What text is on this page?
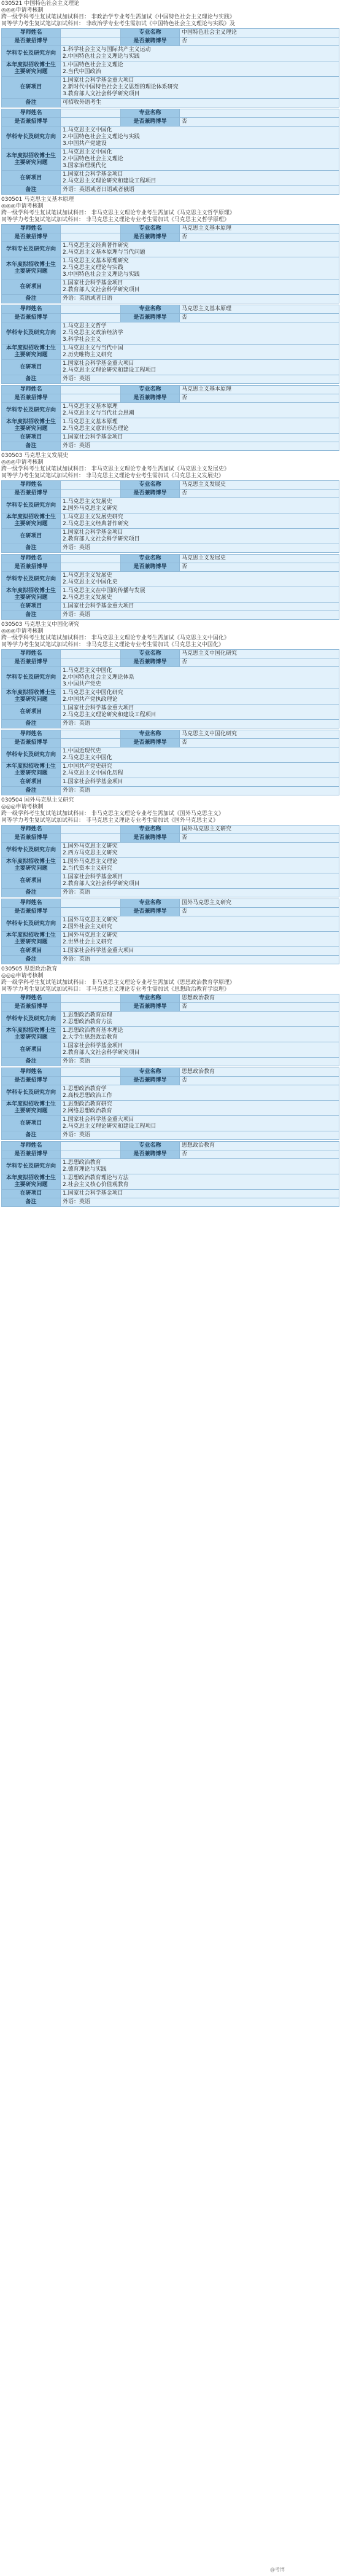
030521 中国特色社会主义理论
◎◎◎申请考核制
跨一级学科考生复试笔试加试科目： 非政治学专业考生需加试《中国特色社会主义理论与实践》
同等学力考生复试笔试加试科目： 非政治学专业考生需加试《中国特色社会主义理论与实践》及
导师姓名		专业名称	中国特色社会主义理论
是否兼招博导		是否兼聘博导	否
学科专长及研究方向	1.科学社会主义与国际共产主义运动
2.中国特色社会主义理论与实践		

本年度拟招收博士生主要研究问题	1.中国特色社会主义理论
2.当代中国政治		

在研项目	1.国家社会科学基金重大项目
2.新时代中国特色社会主义思想的理论体系研究
3.教育部人文社会科学研究项目		

备注	可招收外语考生		
导师姓名		专业名称	
是否兼招博导		是否兼聘博导	否
学科专长及研究方向	1.马克思主义中国化
2.中国特色社会主义理论与实践
3.中国共产党建设		

本年度拟招收博士生主要研究问题	1.马克思主义中国化
2.中国特色社会主义理论
3.国家治理现代化		

在研项目	1.国家社会科学基金项目
2.马克思主义理论研究和建设工程项目		

备注	外语：英语或者日语或者俄语		
030501 马克思主义基本原理
◎◎◎申请考核制
跨一级学科考生复试笔试加试科目： 非马克思主义理论专业考生需加试《马克思主义哲学原理》
同等学力考生复试笔试加试科目： 非马克思主义理论专业考生需加试《马克思主义哲学原理》
导师姓名		专业名称	马克思主义基本原理
是否兼招博导		是否兼聘博导	否
学科专长及研究方向	1.马克思主义经典著作研究
2.马克思主义基本原理与当代问题		

本年度拟招收博士生主要研究问题	1.马克思主义基本原理研究
2.马克思主义理论与实践
3.中国特色社会主义理论与实践		

在研项目	1.国家社会科学基金项目
2.教育部人文社会科学研究项目		

备注	外语：英语或者日语		
导师姓名		专业名称	马克思主义基本原理
是否兼招博导		是否兼聘博导	否
学科专长及研究方向	1.马克思主义哲学
2.马克思主义政治经济学
3.科学社会主义		

本年度拟招收博士生主要研究问题	1.马克思主义与当代中国
2.历史唯物主义研究		

在研项目	1.国家社会科学基金重大项目
2.马克思主义理论研究和建设工程项目		

备注	外语：英语		
导师姓名		专业名称	马克思主义基本原理
是否兼招博导		是否兼聘博导	否
学科专长及研究方向	1.马克思主义基本原理
2.马克思主义与当代社会思潮		

本年度拟招收博士生主要研究问题	1.马克思主义基本原理
2.马克思主义意识形态理论		

在研项目	1.国家社会科学基金项目		

备注	外语：英语		
030503 马克思主义发展史
◎◎◎申请考核制
跨一级学科考生复试笔试加试科目： 非马克思主义理论专业考生需加试《马克思主义发展史》
同等学力考生复试笔试加试科目： 非马克思主义理论专业考生需加试《马克思主义发展史》
导师姓名		专业名称	马克思主义发展史
是否兼招博导		是否兼聘博导	否
学科专长及研究方向	1.马克思主义发展史
2.国外马克思主义研究		

本年度拟招收博士生主要研究问题	1.马克思主义发展史研究
2.马克思主义经典著作研究		

在研项目	1.国家社会科学基金项目
2.教育部人文社会科学研究项目		

备注	外语：英语		
导师姓名		专业名称	马克思主义发展史
是否兼招博导		是否兼聘博导	否
学科专长及研究方向	1.马克思主义发展史
2.马克思主义中国化史		

本年度拟招收博士生主要研究问题	1.马克思主义在中国的传播与发展
2.马克思主义发展史		

在研项目	1.国家社会科学基金重大项目		

备注	外语：英语		
030503 马克思主义中国化研究
◎◎◎申请考核制
跨一级学科考生复试笔试加试科目： 非马克思主义理论专业考生需加试《马克思主义中国化》
同等学力考生复试笔试加试科目： 非马克思主义理论专业考生需加试《马克思主义中国化》
导师姓名		专业名称	马克思主义中国化研究
是否兼招博导		是否兼聘博导	否
学科专长及研究方向	1.马克思主义中国化
2.中国特色社会主义理论体系
3.中国共产党史		

本年度拟招收博士生主要研究问题	1.马克思主义中国化研究
2.中国共产党执政理论		

在研项目	1.国家社会科学基金重大项目
2.马克思主义理论研究和建设工程项目		

备注	外语：英语		
导师姓名		专业名称	马克思主义中国化研究
是否兼招博导		是否兼聘博导	否
学科专长及研究方向	1.中国近现代史
2.马克思主义中国化		

本年度拟招收博士生主要研究问题	1.中国共产党史研究
2.马克思主义中国化历程		

在研项目	1.国家社会科学基金项目		

备注	外语：英语		
030504 国外马克思主义研究
◎◎◎申请考核制
跨一级学科考生复试笔试加试科目： 非马克思主义理论专业考生需加试《国外马克思主义》
同等学力考生复试笔试加试科目： 非马克思主义理论专业考生需加试《国外马克思主义》
导师姓名		专业名称	国外马克思主义研究
是否兼招博导		是否兼聘博导	否
学科专长及研究方向	1.国外马克思主义研究
2.西方马克思主义研究		

本年度拟招收博士生主要研究问题	1.国外马克思主义理论
2.当代资本主义研究		

在研项目	1.国家社会科学基金项目
2.教育部人文社会科学研究项目		

备注	外语：英语		
导师姓名		专业名称	国外马克思主义研究
是否兼招博导		是否兼聘博导	否
学科专长及研究方向	1.国外马克思主义研究
2.国外社会主义研究		

本年度拟招收博士生主要研究问题	1.国外马克思主义研究
2.世界社会主义研究		

在研项目	1.国家社会科学基金重大项目		

备注	外语：英语		
030505 思想政治教育
◎◎◎申请考核制
跨一级学科考生复试笔试加试科目： 非马克思主义理论专业考生需加试《思想政治教育学原理》
同等学力考生复试笔试加试科目： 非马克思主义理论专业考生需加试《思想政治教育学原理》
导师姓名		专业名称	思想政治教育
是否兼招博导		是否兼聘博导	否
学科专长及研究方向	1.思想政治教育原理
2.思想政治教育方法		

本年度拟招收博士生主要研究问题	1.思想政治教育基本理论
2.大学生思想政治教育		

在研项目	1.国家社会科学基金项目
2.教育部人文社会科学研究项目		

备注	外语：英语		
导师姓名		专业名称	思想政治教育
是否兼招博导		是否兼聘博导	否
学科专长及研究方向	1.思想政治教育学
2.高校思想政治工作		

本年度拟招收博士生主要研究问题	1.思想政治教育研究
2.网络思想政治教育		

在研项目	1.国家社会科学基金重大项目
2.马克思主义理论研究和建设工程项目		

备注	外语：英语		
导师姓名		专业名称	思想政治教育
是否兼招博导		是否兼聘博导	否
学科专长及研究方向	1.思想政治教育
2.德育理论与实践		

本年度拟招收博士生主要研究问题	1.思想政治教育理论与方法
2.社会主义核心价值观教育		

在研项目	1.国家社会科学基金项目		

备注	外语：英语		
@考博
